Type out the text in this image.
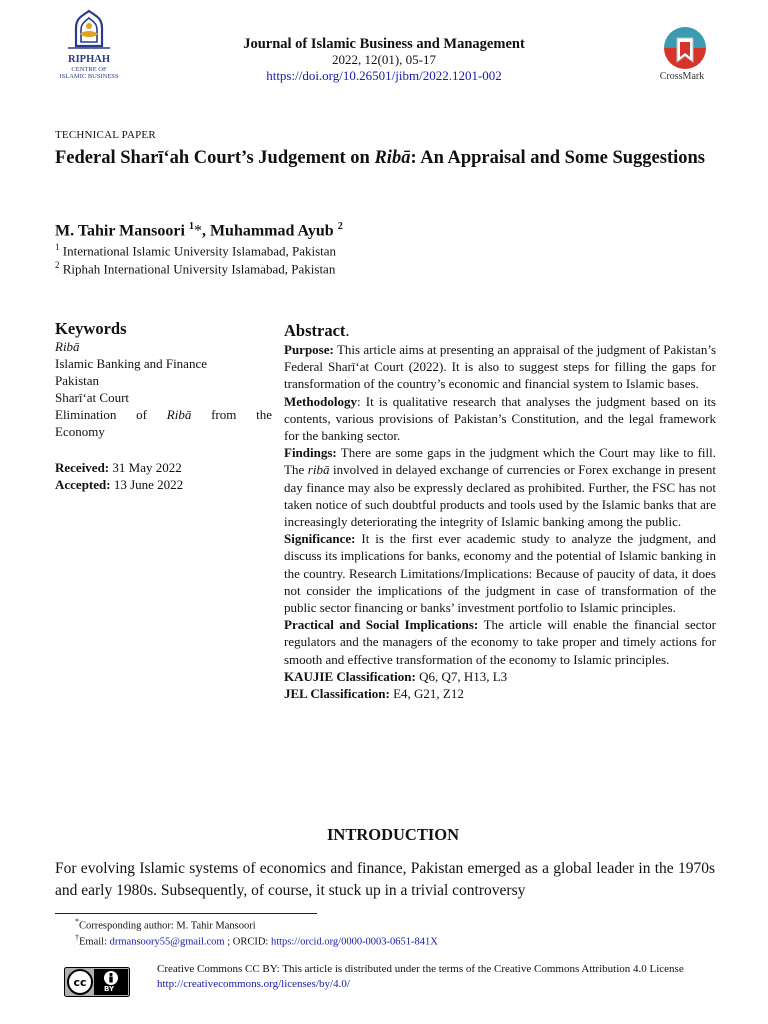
RIPHAH
CENTRE OF
ISLAMIC BUSINESS
Journal of Islamic Business and Management
2022, 12(01), 05-17
https://doi.org/10.26501/jibm/2022.1201-002	CrossMark
TECHNICAL PAPER
Federal Sharīʻah Court’s Judgement on Ribā: An Appraisal and Some Suggestions
M. Tahir Mansoori $^1$*, Muhammad Ayub $^2$
$^1$ International Islamic University Islamabad, Pakistan
$^2$ Riphah International University Islamabad, Pakistan
Keywords
Ribā
Islamic Banking and Finance
Pakistan
Sharīʻat Court
Elimination of Ribā from the
Economy
Received: 31 May 2022
Accepted: 13 June 2022
Abstract.

Purpose: This article aims at presenting an appraisal of the judgment of Pakistan’s Federal Sharīʻat Court (2022). It is also to suggest steps for filling the gaps for transformation of the country’s economic and financial system to Islamic bases.

Methodology: It is qualitative research that analyses the judgment based on its contents, various provisions of Pakistan’s Constitution, and the legal framework for the banking sector.

Findings: There are some gaps in the judgment which the Court may like to fill. The ribā involved in delayed exchange of currencies or Forex exchange in present day finance may also be expressly declared as prohibited. Further, the FSC has not taken notice of such doubtful products and tools used by the Islamic banks that are increasingly deteriorating the integrity of Islamic banking among the public.

Significance: It is the first ever academic study to analyze the judgment, and discuss its implications for banks, economy and the potential of Islamic banking in the country. Research Limitations/Implications: Because of paucity of data, it does not consider the implications of the judgment in case of transformation of the public sector financing or banks’ investment portfolio to Islamic principles.

Practical and Social Implications: The article will enable the financial sector regulators and the managers of the economy to take proper and timely actions for smooth and effective transformation of the economy to Islamic principles.

KAUJIE Classification: Q6, Q7, H13, L3

JEL Classification: E4, G21, Z12

INTRODUCTION
For evolving Islamic systems of economics and finance, Pakistan emerged as a global leader in the 1970s and early 1980s. Subsequently, of course, it stuck up in a trivial controversy
*Corresponding author: M. Tahir Mansoori
†Email: drmansoory55@gmail.com ; ORCID: https://orcid.org/0000-0003-0651-841X
cc BY
Creative Commons CC BY: This article is distributed under the terms of the Creative Commons Attribution 4.0 License http://creativecommons.org/licenses/by/4.0/
